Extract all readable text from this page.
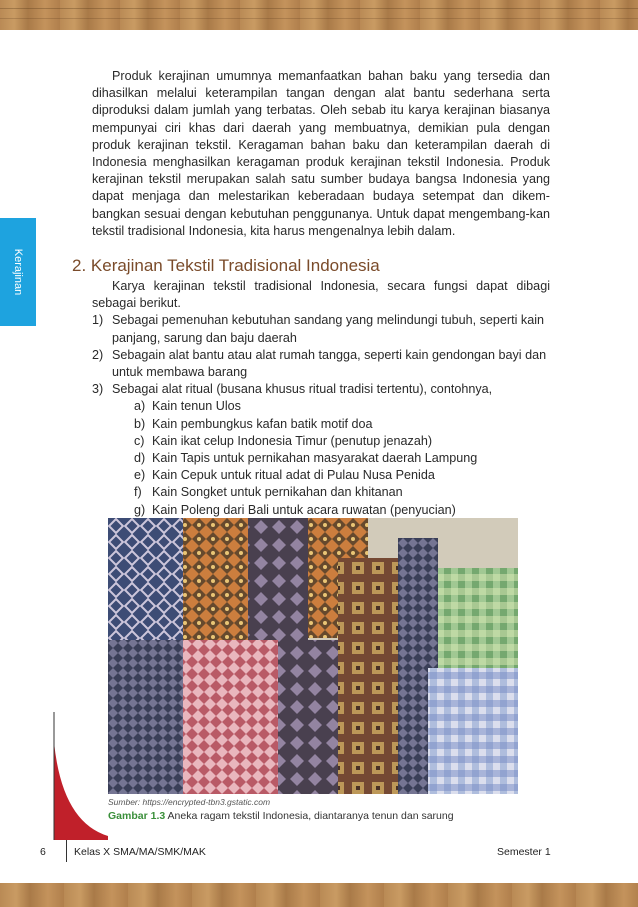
Kerajinan

Produk kerajinan umumnya memanfaatkan bahan baku yang tersedia dan dihasilkan melalui keterampilan tangan dengan alat bantu sederhana serta diproduksi dalam jumlah yang terbatas. Oleh sebab itu karya kerajinan biasanya mempunyai ciri khas dari daerah yang membuatnya, demikian pula dengan produk kerajinan tekstil. Keragaman bahan baku dan keterampilan daerah di Indonesia menghasilkan keragaman produk kerajinan tekstil Indonesia. Produk kerajinan tekstil merupakan salah satu sumber budaya bangsa Indonesia yang dapat menjaga dan melestarikan keberadaan budaya setempat dan dikem-bangkan sesuai dengan kebutuhan penggunanya. Untuk dapat mengembang-kan tekstil tradisional Indonesia, kita harus mengenalnya lebih dalam.

2. Kerajinan Tekstil Tradisional Indonesia

Karya kerajinan tekstil tradisional Indonesia, secara fungsi dapat dibagi sebagai berikut.

1) Sebagai pemenuhan kebutuhan sandang yang melindungi tubuh, seperti kain panjang, sarung dan baju daerah
2) Sebagain alat bantu atau alat rumah tangga, seperti kain gendongan bayi dan untuk membawa barang
3) Sebagai alat ritual (busana khusus ritual tradisi tertentu), contohnya,
a) Kain tenun Ulos
b) Kain pembungkus kafan batik motif doa
c) Kain ikat celup Indonesia Timur (penutup jenazah)
d) Kain Tapis untuk pernikahan masyarakat daerah Lampung
e) Kain Cepuk untuk ritual adat di Pulau Nusa Penida
f) Kain Songket untuk pernikahan dan khitanan
g) Kain Poleng dari Bali untuk acara ruwatan (penyucian)
Sumber: https://encrypted-tbn3.gstatic.com
Gambar 1.3 Aneka ragam tekstil Indonesia, diantaranya tenun dan sarung
6	Kelas X SMA/MA/SMK/MAK	Semester 1
